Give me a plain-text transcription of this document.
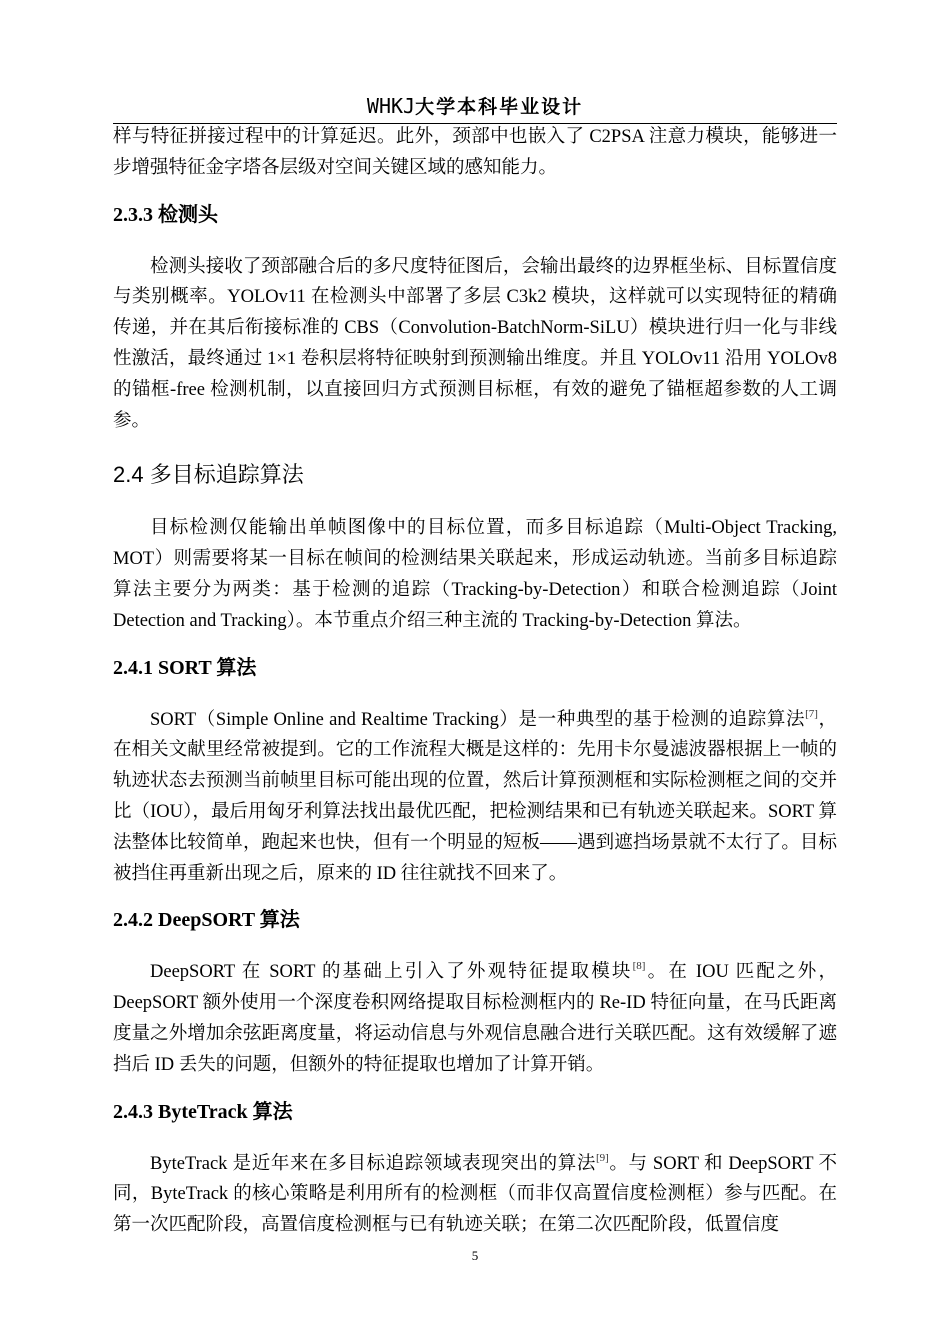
WHKJ大学本科毕业设计

样与特征拼接过程中的计算延迟。此外，颈部中也嵌入了 C2PSA 注意力模块，能够进一步增强特征金字塔各层级对空间关键区域的感知能力。

2.3.3 检测头

检测头接收了颈部融合后的多尺度特征图后，会输出最终的边界框坐标、目标置信度与类别概率。YOLOv11 在检测头中部署了多层 C3k2 模块，这样就可以实现特征的精确传递，并在其后衔接标准的 CBS（Convolution-BatchNorm-SiLU）模块进行归一化与非线性激活，最终通过 1×1 卷积层将特征映射到预测输出维度。并且 YOLOv11 沿用 YOLOv8 的锚框-free 检测机制，以直接回归方式预测目标框，有效的避免了锚框超参数的人工调参。

2.4 多目标追踪算法

目标检测仅能输出单帧图像中的目标位置，而多目标追踪（Multi-Object Tracking, MOT）则需要将某一目标在帧间的检测结果关联起来，形成运动轨迹。当前多目标追踪算法主要分为两类：基于检测的追踪（Tracking-by-Detection）和联合检测追踪（Joint Detection and Tracking）。本节重点介绍三种主流的 Tracking-by-Detection 算法。

2.4.1 SORT 算法

SORT（Simple Online and Realtime Tracking）是一种典型的基于检测的追踪算法[7]，在相关文献里经常被提到。它的工作流程大概是这样的：先用卡尔曼滤波器根据上一帧的轨迹状态去预测当前帧里目标可能出现的位置，然后计算预测框和实际检测框之间的交并比（IOU），最后用匈牙利算法找出最优匹配，把检测结果和已有轨迹关联起来。SORT 算法整体比较简单，跑起来也快，但有一个明显的短板——遇到遮挡场景就不太行了。目标被挡住再重新出现之后，原来的 ID 往往就找不回来了。

2.4.2 DeepSORT 算法

DeepSORT 在 SORT 的基础上引入了外观特征提取模块[8]。在 IOU 匹配之外，DeepSORT 额外使用一个深度卷积网络提取目标检测框内的 Re-ID 特征向量，在马氏距离度量之外增加余弦距离度量，将运动信息与外观信息融合进行关联匹配。这有效缓解了遮挡后 ID 丢失的问题，但额外的特征提取也增加了计算开销。

2.4.3 ByteTrack 算法

ByteTrack 是近年来在多目标追踪领域表现突出的算法[9]。与 SORT 和 DeepSORT 不同，ByteTrack 的核心策略是利用所有的检测框（而非仅高置信度检测框）参与匹配。在第一次匹配阶段，高置信度检测框与已有轨迹关联；在第二次匹配阶段，低置信度

5
